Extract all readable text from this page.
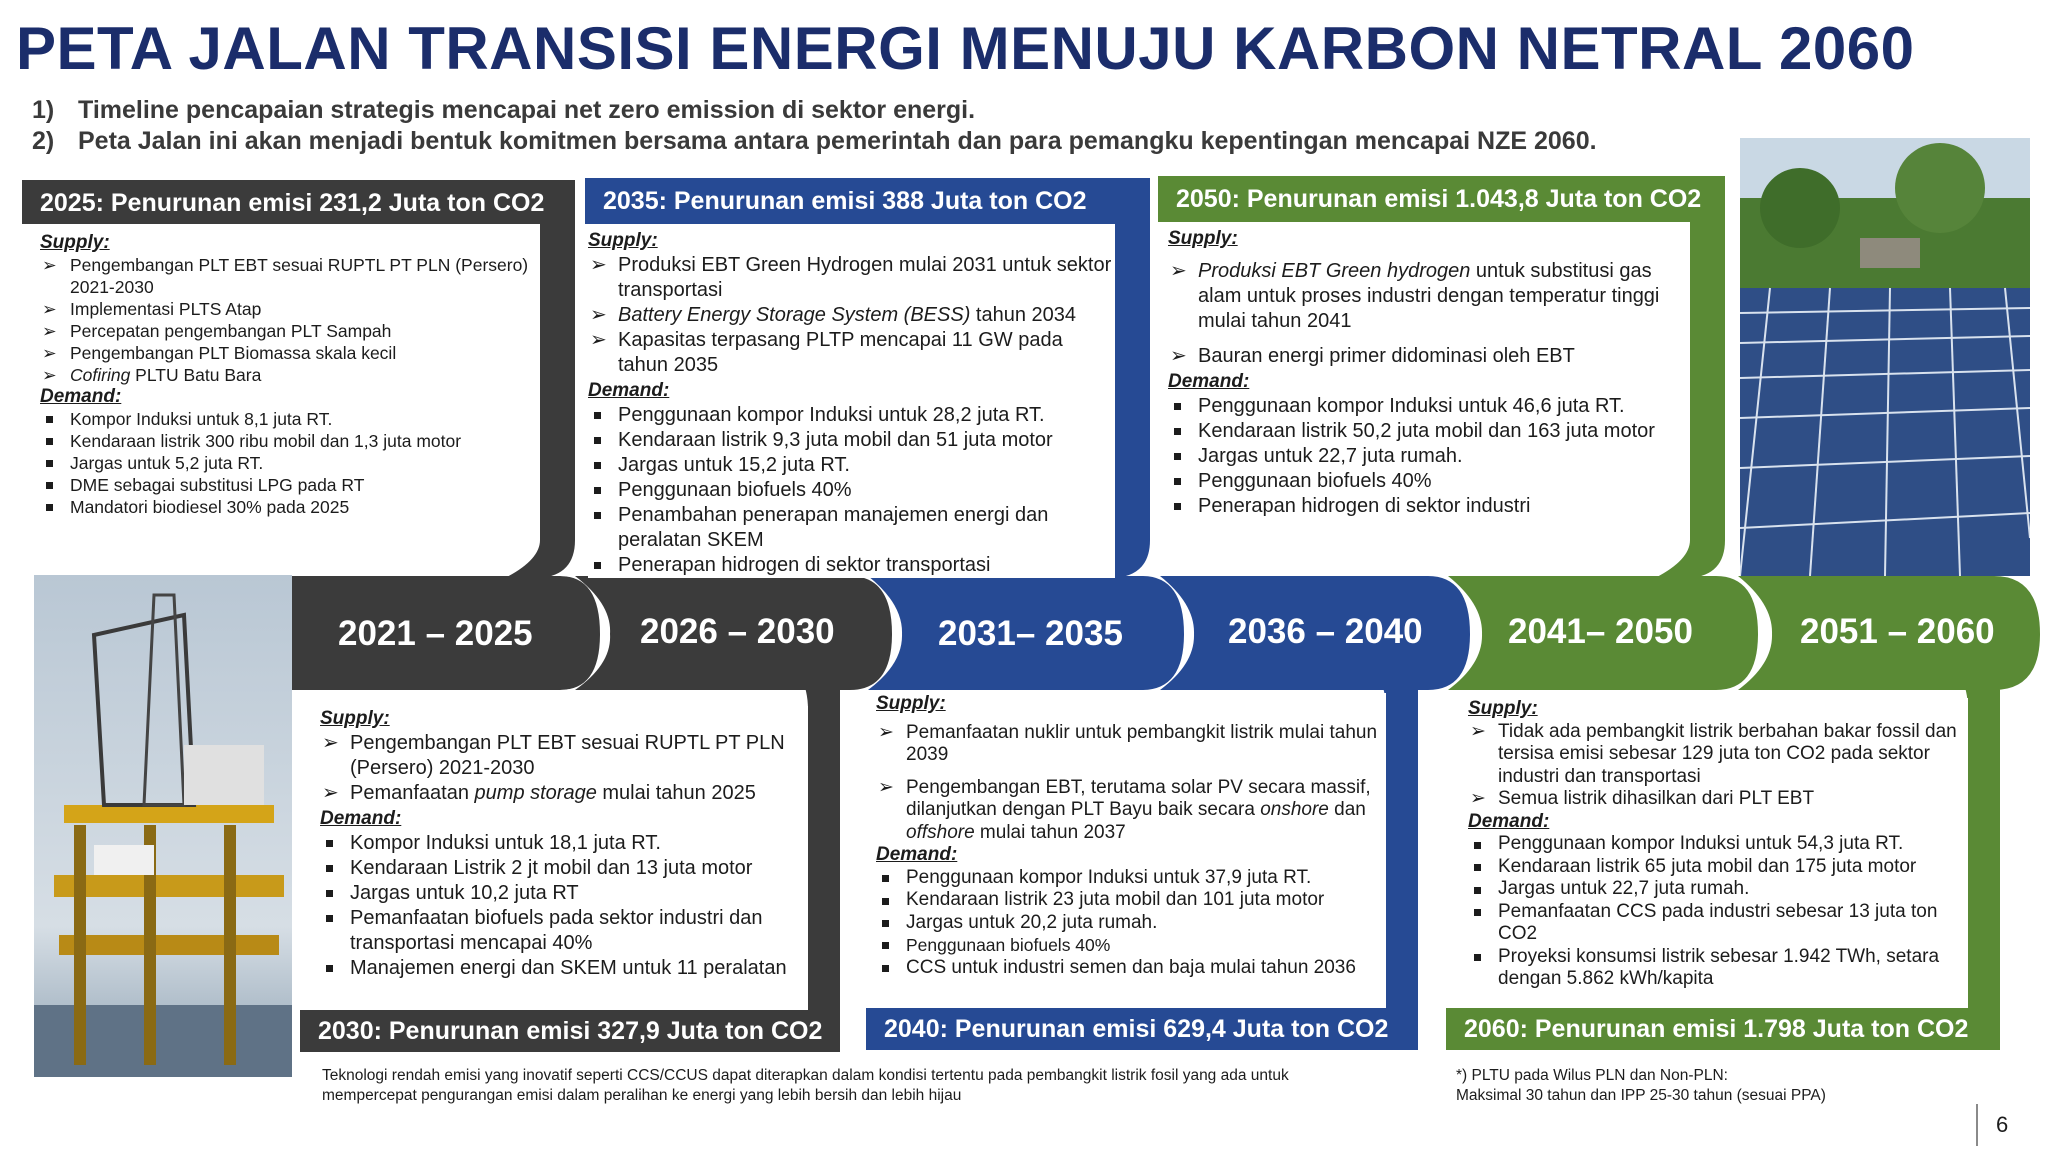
PETA JALAN TRANSISI ENERGI MENUJU KARBON NETRAL 2060
1) Timeline pencapaian strategis mencapai net zero emission di sektor energi.
2) Peta Jalan ini akan menjadi bentuk komitmen bersama antara pemerintah dan para pemangku kepentingan mencapai NZE 2060.
2025: Penurunan emisi 231,2 Juta ton CO2

Supply:

➢ Pengembangan PLT EBT sesuai RUPTL PT PLN (Persero) 2021-2030
➢ Implementasi PLTS Atap
➢ Percepatan pengembangan PLT Sampah
➢ Pengembangan PLT Biomassa skala kecil
➢ Cofiring PLTU Batu Bara

Demand:

Kompor Induksi untuk 8,1 juta RT.
Kendaraan listrik 300 ribu mobil dan 1,3 juta motor
Jargas untuk 5,2 juta RT.
DME sebagai substitusi LPG pada RT
Mandatori biodiesel 30% pada 2025
2035: Penurunan emisi 388 Juta ton CO2

Supply:

➢ Produksi EBT Green Hydrogen mulai 2031 untuk sektor transportasi
➢ Battery Energy Storage System (BESS) tahun 2034
➢ Kapasitas terpasang PLTP mencapai 11 GW pada tahun 2035

Demand:

Penggunaan kompor Induksi untuk 28,2 juta RT.
Kendaraan listrik 9,3 juta mobil dan 51 juta motor
Jargas untuk 15,2 juta RT.
Penggunaan biofuels 40%
Penambahan penerapan manajemen energi dan peralatan SKEM
Penerapan hidrogen di sektor transportasi
2050: Penurunan emisi 1.043,8 Juta ton CO2

Supply:

➢ Produksi EBT Green hydrogen untuk substitusi gas alam untuk proses industri dengan temperatur tinggi mulai tahun 2041
➢ Bauran energi primer didominasi oleh EBT

Demand:

Penggunaan kompor Induksi untuk 46,6 juta RT.
Kendaraan listrik 50,2 juta mobil dan 163 juta motor
Jargas untuk 22,7 juta rumah.
Penggunaan biofuels 40%
Penerapan hidrogen di sektor industri
2021 – 2025	2026 – 2030	2031– 2035	2036 – 2040 2041– 2050	2051 – 2060

Supply:

➢ Pengembangan PLT EBT sesuai RUPTL PT PLN (Persero) 2021-2030
➢ Pemanfaatan pump storage mulai tahun 2025

Demand:

Kompor Induksi untuk 18,1 juta RT.
Kendaraan Listrik 2 jt mobil dan 13 juta motor
Jargas untuk 10,2 juta RT
Pemanfaatan biofuels pada sektor industri dan transportasi mencapai 40%
Manajemen energi dan SKEM untuk 11 peralatan
2030: Penurunan emisi 327,9 Juta ton CO2

Supply:

➢ Pemanfaatan nuklir untuk pembangkit listrik mulai tahun 2039
➢ Pengembangan EBT, terutama solar PV secara massif, dilanjutkan dengan PLT Bayu baik secara onshore dan offshore mulai tahun 2037

Demand:

Penggunaan kompor Induksi untuk 37,9 juta RT.
Kendaraan listrik 23 juta mobil dan 101 juta motor
Jargas untuk 20,2 juta rumah.
Penggunaan biofuels 40%
CCS untuk industri semen dan baja mulai tahun 2036
2040: Penurunan emisi 629,4 Juta ton CO2

Supply:

➢ Tidak ada pembangkit listrik berbahan bakar fossil dan tersisa emisi sebesar 129 juta ton CO2 pada sektor industri dan transportasi
➢ Semua listrik dihasilkan dari PLT EBT

Demand:

Penggunaan kompor Induksi untuk 54,3 juta RT.
Kendaraan listrik 65 juta mobil dan 175 juta motor
Jargas untuk 22,7 juta rumah.
Pemanfaatan CCS pada industri sebesar 13 juta ton CO2
Proyeksi konsumsi listrik sebesar 1.942 TWh, setara dengan 5.862 kWh/kapita
2060: Penurunan emisi 1.798 Juta ton CO2
Teknologi rendah emisi yang inovatif seperti CCS/CCUS dapat diterapkan dalam kondisi tertentu pada pembangkit listrik fosil yang ada untuk
mempercepat pengurangan emisi dalam peralihan ke energi yang lebih bersih dan lebih hijau
*) PLTU pada Wilus PLN dan Non-PLN:
Maksimal 30 tahun dan IPP 25-30 tahun (sesuai PPA)
6
